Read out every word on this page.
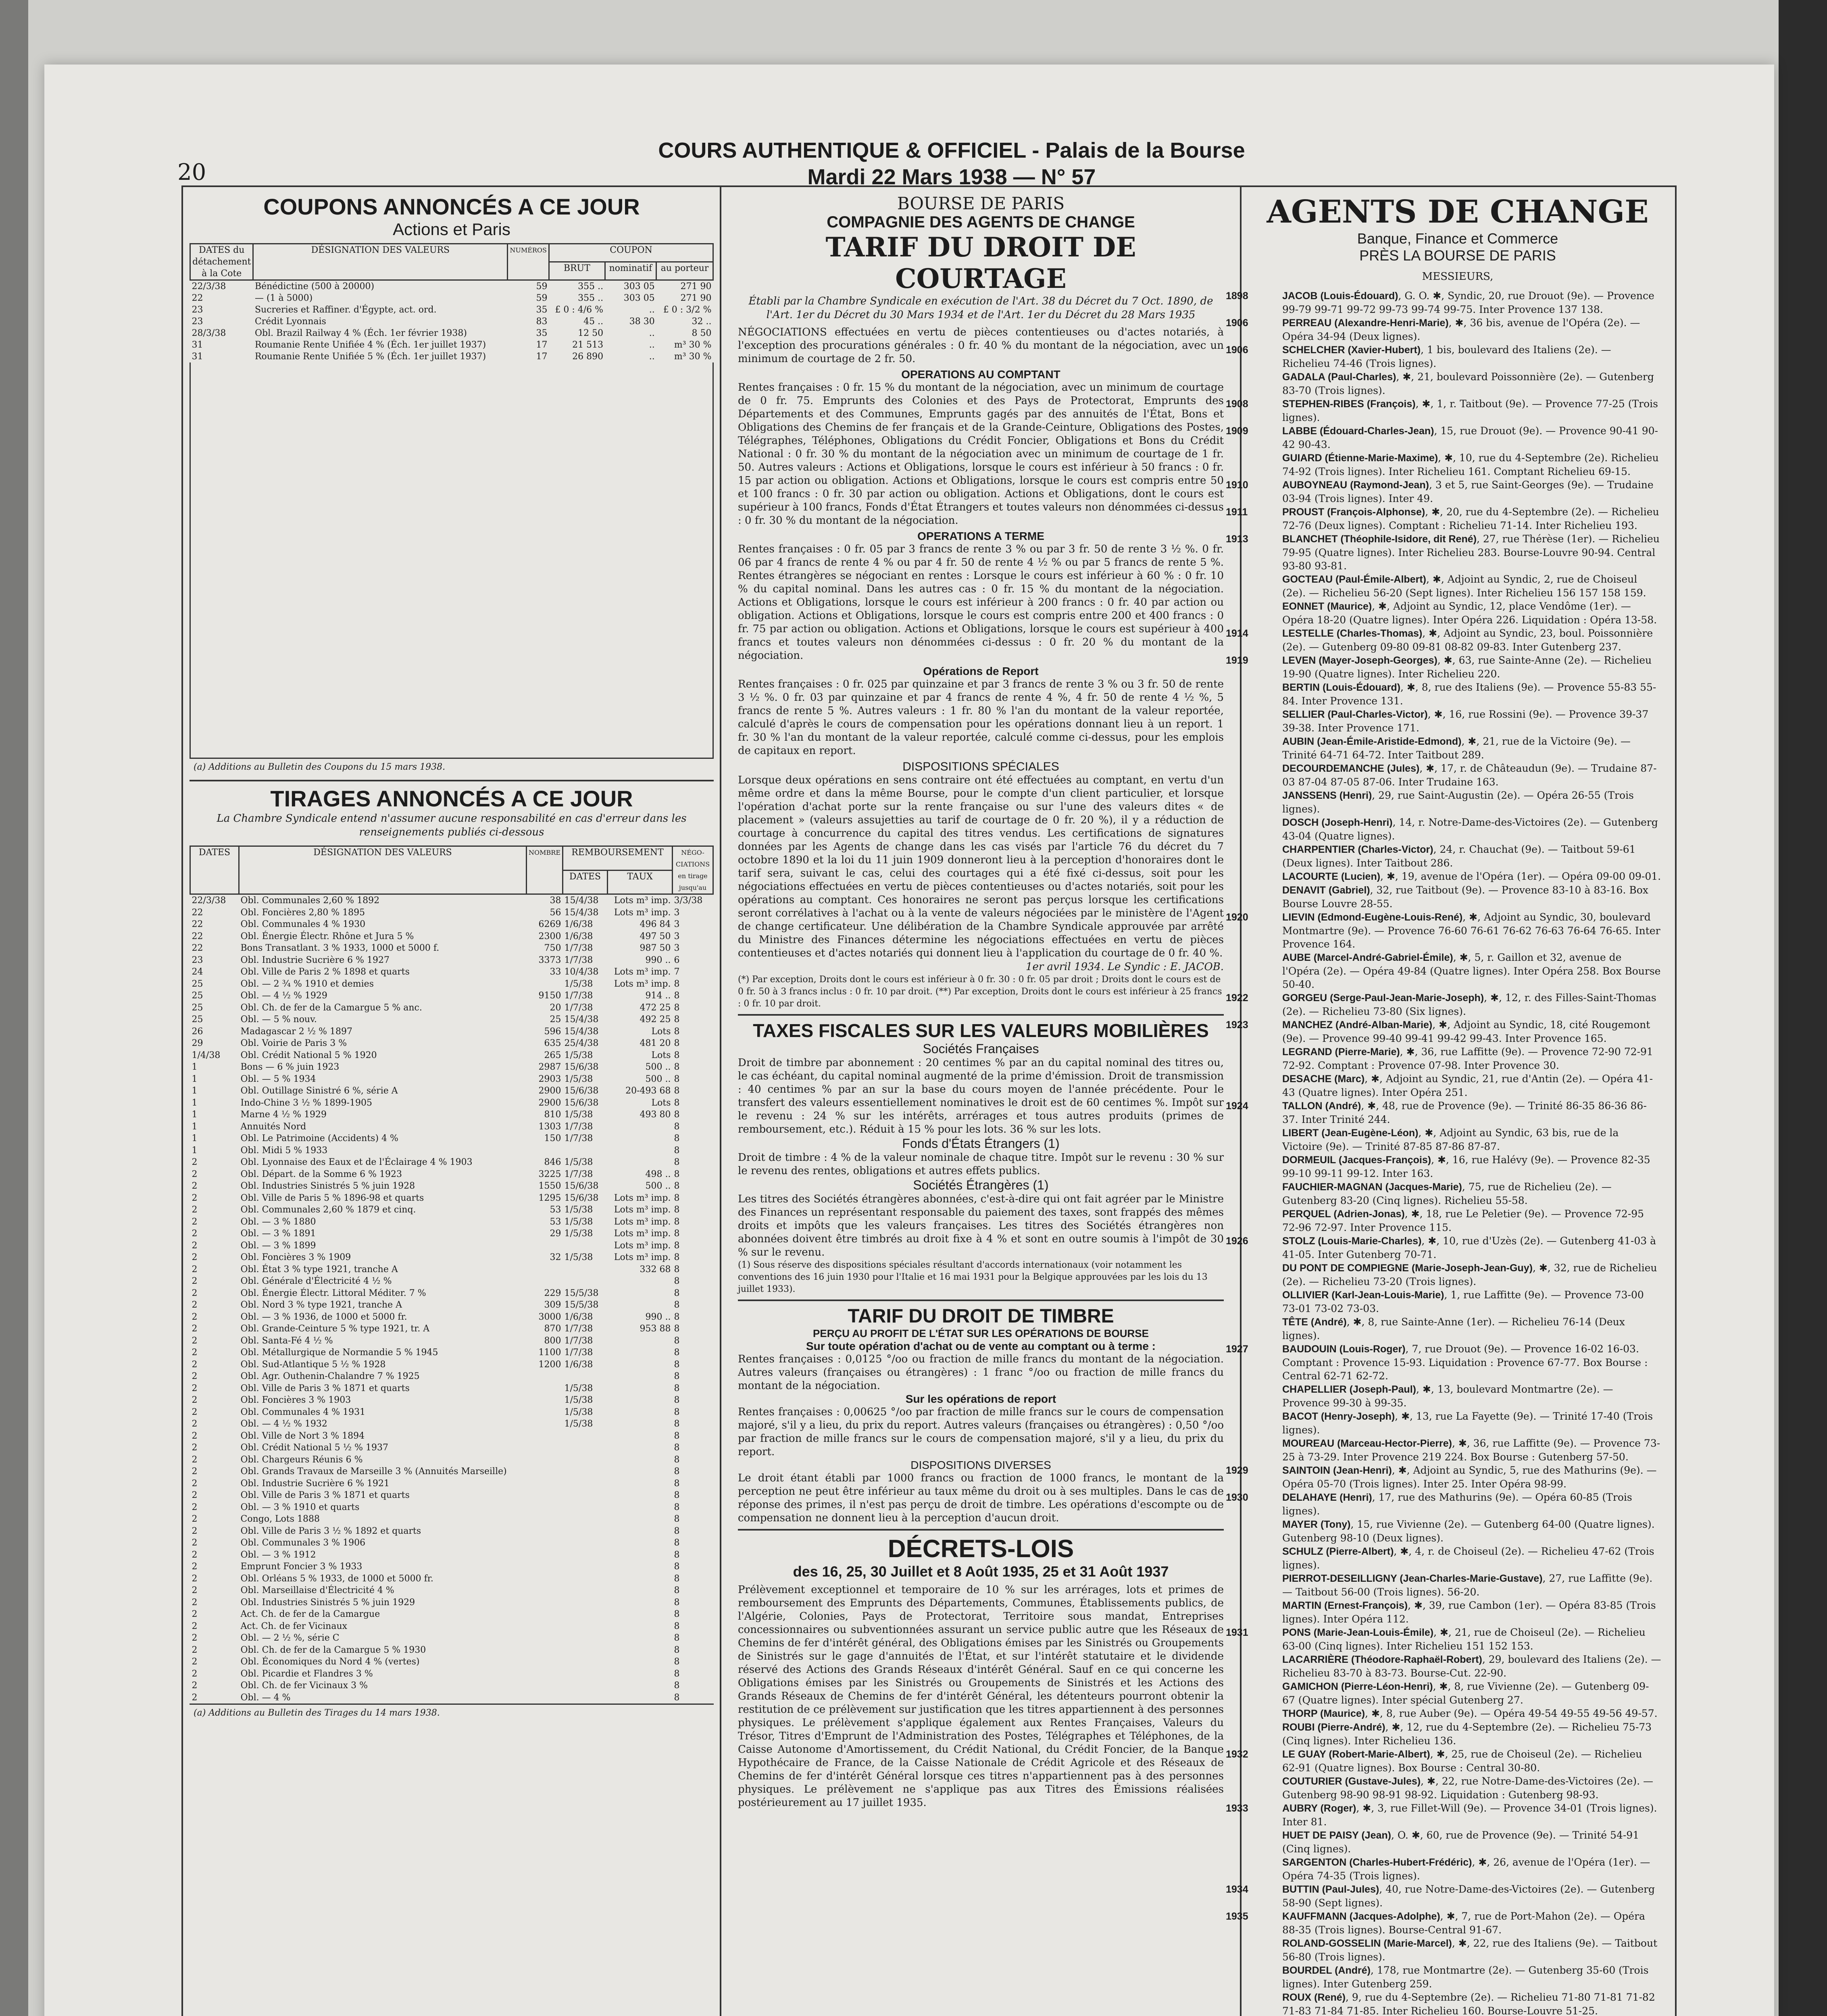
20
COURS AUTHENTIQUE & OFFICIEL - Palais de la Bourse
Mardi 22 Mars 1938 — N° 57
COUPONS ANNONCÉS A CE JOUR
Actions et Paris
DATES du détachement à la Cote	DÉSIGNATION DES VALEURS	NUMÉROS	COUPON		
			BRUT	nominatif	au porteur
22/3/38	Bénédictine (500 à 20000)	59	355 ..	303 05	271 90
22	— (1 à 5000)	59	355 ..	303 05	271 90
23	Sucreries et Raffiner. d'Égypte, act. ord.	35	£ 0 : 4/6 %	..	£ 0 : 3/2 %
23	Crédit Lyonnais	83	45 ..	38 30	32 ..
28/3/38	Obl. Brazil Railway 4 % (Éch. 1er février 1938)	35	12 50	..	8 50
31	Roumanie Rente Unifiée 4 % (Éch. 1er juillet 1937)	17	21 513	..	m³ 30 %
31	Roumanie Rente Unifiée 5 % (Éch. 1er juillet 1937)	17	26 890	..	m³ 30 %
(a) Additions au Bulletin des Coupons du 15 mars 1938.
TIRAGES ANNONCÉS A CE JOUR
La Chambre Syndicale entend n'assumer aucune responsabilité en cas d'erreur dans les renseignements publiés ci-dessous
DATES	DÉSIGNATION DES VALEURS	NOMBRE	REMBOURSEMENT		NÉGO-CIATIONS en tirage jusqu'au
			DATES	TAUX	
22/3/38	Obl. Communales 2,60 % 1892	38	15/4/38	Lots m³ imp.	3/3/38
22	Obl. Foncières 2,80 % 1895	56	15/4/38	Lots m³ imp.	3
22	Obl. Communales 4 % 1930	6269	1/6/38	496 84	3
22	Obl. Énergie Électr. Rhône et Jura 5 %	2300	1/6/38	497 50	3
22	Bons Transatlant. 3 % 1933, 1000 et 5000 f.	750	1/7/38	987 50	3
23	Obl. Industrie Sucrière 6 % 1927	3373	1/7/38	990 ..	6
24	Obl. Ville de Paris 2 % 1898 et quarts	33	10/4/38	Lots m³ imp.	7
25	Obl. — 2 ¾ % 1910 et demies		1/5/38	Lots m³ imp.	8
25	Obl. — 4 ½ % 1929	9150	1/7/38	914 ..	8
25	Obl. Ch. de fer de la Camargue 5 % anc.	20	1/7/38	472 25	8
25	Obl. — 5 % nouv.	25	15/4/38	492 25	8
26	Madagascar 2 ½ % 1897	596	15/4/38	Lots	8
29	Obl. Voirie de Paris 3 %	635	25/4/38	481 20	8
1/4/38	Obl. Crédit National 5 % 1920	265	1/5/38	Lots	8
1	Bons — 6 % juin 1923	2987	15/6/38	500 ..	8
1	Obl. — 5 % 1934	2903	1/5/38	500 ..	8
1	Obl. Outillage Sinistré 6 %, série A	2900	15/6/38	20-493 68	8
1	Indo-Chine 3 ½ % 1899-1905	2900	15/6/38	Lots	8
1	Marne 4 ½ % 1929	810	1/5/38	493 80	8
1	Annuités Nord	1303	1/7/38		8
1	Obl. Le Patrimoine (Accidents) 4 %	150	1/7/38		8
1	Obl. Midi 5 % 1933				8
2	Obl. Lyonnaise des Eaux et de l'Éclairage 4 % 1903	846	1/5/38		8
2	Obl. Départ. de la Somme 6 % 1923	3225	1/7/38	498 ..	8
2	Obl. Industries Sinistrés 5 % juin 1928	1550	15/6/38	500 ..	8
2	Obl. Ville de Paris 5 % 1896-98 et quarts	1295	15/6/38	Lots m³ imp.	8
2	Obl. Communales 2,60 % 1879 et cinq.	53	1/5/38	Lots m³ imp.	8
2	Obl. — 3 % 1880	53	1/5/38	Lots m³ imp.	8
2	Obl. — 3 % 1891	29	1/5/38	Lots m³ imp.	8
2	Obl. — 3 % 1899			Lots m³ imp.	8
2	Obl. Foncières 3 % 1909	32	1/5/38	Lots m³ imp.	8
2	Obl. État 3 % type 1921, tranche A			332 68	8
2	Obl. Générale d'Électricité 4 ½ %				8
2	Obl. Énergie Électr. Littoral Méditer. 7 %	229	15/5/38		8
2	Obl. Nord 3 % type 1921, tranche A	309	15/5/38		8
2	Obl. — 3 % 1936, de 1000 et 5000 fr.	3000	1/6/38	990 ..	8
2	Obl. Grande-Ceinture 5 % type 1921, tr. A	870	1/7/38	953 88	8
2	Obl. Santa-Fé 4 ½ %	800	1/7/38		8
2	Obl. Métallurgique de Normandie 5 % 1945	1100	1/7/38		8
2	Obl. Sud-Atlantique 5 ½ % 1928	1200	1/6/38		8
2	Obl. Agr. Outhenin-Chalandre 7 % 1925				8
2	Obl. Ville de Paris 3 % 1871 et quarts		1/5/38		8
2	Obl. Foncières 3 % 1903		1/5/38		8
2	Obl. Communales 4 % 1931		1/5/38		8
2	Obl. — 4 ½ % 1932		1/5/38		8
2	Obl. Ville de Nort 3 % 1894				8
2	Obl. Crédit National 5 ½ % 1937				8
2	Obl. Chargeurs Réunis 6 %				8
2	Obl. Grands Travaux de Marseille 3 % (Annuités Marseille)				8
2	Obl. Industrie Sucrière 6 % 1921				8
2	Obl. Ville de Paris 3 % 1871 et quarts				8
2	Obl. — 3 % 1910 et quarts				8
2	Congo, Lots 1888				8
2	Obl. Ville de Paris 3 ½ % 1892 et quarts				8
2	Obl. Communales 3 % 1906				8
2	Obl. — 3 % 1912				8
2	Emprunt Foncier 3 % 1933				8
2	Obl. Orléans 5 % 1933, de 1000 et 5000 fr.				8
2	Obl. Marseillaise d'Électricité 4 %				8
2	Obl. Industries Sinistrés 5 % juin 1929				8
2	Act. Ch. de fer de la Camargue				8
2	Act. Ch. de fer Vicinaux				8
2	Obl. — 2 ½ %, série C				8
2	Obl. Ch. de fer de la Camargue 5 % 1930				8
2	Obl. Économiques du Nord 4 % (vertes)				8
2	Obl. Picardie et Flandres 3 %				8
2	Obl. Ch. de fer Vicinaux 3 %				8
2	Obl. — 4 %				8
(a) Additions au Bulletin des Tirages du 14 mars 1938.
BOURSE DE PARIS
COMPAGNIE DES AGENTS DE CHANGE
TARIF DU DROIT DE COURTAGE
Établi par la Chambre Syndicale en exécution de l'Art. 38 du Décret du 7 Oct. 1890, de l'Art. 1er du Décret du 30 Mars 1934 et de l'Art. 1er du Décret du 28 Mars 1935
NÉGOCIATIONS effectuées en vertu de pièces contentieuses ou d'actes notariés, à l'exception des procurations générales : 0 fr. 40 % du montant de la négociation, avec un minimum de courtage de 2 fr. 50.
OPERATIONS AU COMPTANT
Rentes françaises : 0 fr. 15 % du montant de la négociation, avec un minimum de courtage de 0 fr. 75. Emprunts des Colonies et des Pays de Protectorat, Emprunts des Départements et des Communes, Emprunts gagés par des annuités de l'État, Bons et Obligations des Chemins de fer français et de la Grande-Ceinture, Obligations des Postes, Télégraphes, Téléphones, Obligations du Crédit Foncier, Obligations et Bons du Crédit National : 0 fr. 30 % du montant de la négociation avec un minimum de courtage de 1 fr. 50. Autres valeurs : Actions et Obligations, lorsque le cours est inférieur à 50 francs : 0 fr. 15 par action ou obligation. Actions et Obligations, lorsque le cours est compris entre 50 et 100 francs : 0 fr. 30 par action ou obligation. Actions et Obligations, dont le cours est supérieur à 100 francs, Fonds d'État Étrangers et toutes valeurs non dénommées ci-dessus : 0 fr. 30 % du montant de la négociation.
OPERATIONS A TERME
Rentes françaises : 0 fr. 05 par 3 francs de rente 3 % ou par 3 fr. 50 de rente 3 ½ %. 0 fr. 06 par 4 francs de rente 4 % ou par 4 fr. 50 de rente 4 ½ % ou par 5 francs de rente 5 %. Rentes étrangères se négociant en rentes : Lorsque le cours est inférieur à 60 % : 0 fr. 10 % du capital nominal. Dans les autres cas : 0 fr. 15 % du montant de la négociation. Actions et Obligations, lorsque le cours est inférieur à 200 francs : 0 fr. 40 par action ou obligation. Actions et Obligations, lorsque le cours est compris entre 200 et 400 francs : 0 fr. 75 par action ou obligation. Actions et Obligations, lorsque le cours est supérieur à 400 francs et toutes valeurs non dénommées ci-dessus : 0 fr. 20 % du montant de la négociation.
Opérations de Report
Rentes françaises : 0 fr. 025 par quinzaine et par 3 francs de rente 3 % ou 3 fr. 50 de rente 3 ½ %. 0 fr. 03 par quinzaine et par 4 francs de rente 4 %, 4 fr. 50 de rente 4 ½ %, 5 francs de rente 5 %. Autres valeurs : 1 fr. 80 % l'an du montant de la valeur reportée, calculé d'après le cours de compensation pour les opérations donnant lieu à un report. 1 fr. 30 % l'an du montant de la valeur reportée, calculé comme ci-dessus, pour les emplois de capitaux en report.
DISPOSITIONS SPÉCIALES
Lorsque deux opérations en sens contraire ont été effectuées au comptant, en vertu d'un même ordre et dans la même Bourse, pour le compte d'un client particulier, et lorsque l'opération d'achat porte sur la rente française ou sur l'une des valeurs dites « de placement » (valeurs assujetties au tarif de courtage de 0 fr. 20 %), il y a réduction de courtage à concurrence du capital des titres vendus. Les certifications de signatures données par les Agents de change dans les cas visés par l'article 76 du décret du 7 octobre 1890 et la loi du 11 juin 1909 donneront lieu à la perception d'honoraires dont le tarif sera, suivant le cas, celui des courtages qui a été fixé ci-dessus, soit pour les négociations effectuées en vertu de pièces contentieuses ou d'actes notariés, soit pour les opérations au comptant. Ces honoraires ne seront pas perçus lorsque les certifications seront corrélatives à l'achat ou à la vente de valeurs négociées par le ministère de l'Agent de change certificateur. Une délibération de la Chambre Syndicale approuvée par arrêté du Ministre des Finances détermine les négociations effectuées en vertu de pièces contentieuses et d'actes notariés qui donnent lieu à l'application du courtage de 0 fr. 40 %.
1er avril 1934. Le Syndic : E. JACOB.
(*) Par exception, Droits dont le cours est inférieur à 0 fr. 30 : 0 fr. 05 par droit ; Droits dont le cours est de 0 fr. 50 à 3 francs inclus : 0 fr. 10 par droit. (**) Par exception, Droits dont le cours est inférieur à 25 francs : 0 fr. 10 par droit.
TAXES FISCALES SUR LES VALEURS MOBILIÈRES
Sociétés Françaises
Droit de timbre par abonnement : 20 centimes % par an du capital nominal des titres ou, le cas échéant, du capital nominal augmenté de la prime d'émission. Droit de transmission : 40 centimes % par an sur la base du cours moyen de l'année précédente. Pour le transfert des valeurs essentiellement nominatives le droit est de 60 centimes %. Impôt sur le revenu : 24 % sur les intérêts, arrérages et tous autres produits (primes de remboursement, etc.). Réduit à 15 % pour les lots. 36 % sur les lots.
Fonds d'États Étrangers (1)
Droit de timbre : 4 % de la valeur nominale de chaque titre. Impôt sur le revenu : 30 % sur le revenu des rentes, obligations et autres effets publics.
Sociétés Étrangères (1)
Les titres des Sociétés étrangères abonnées, c'est-à-dire qui ont fait agréer par le Ministre des Finances un représentant responsable du paiement des taxes, sont frappés des mêmes droits et impôts que les valeurs françaises. Les titres des Sociétés étrangères non abonnées doivent être timbrés au droit fixe à 4 % et sont en outre soumis à l'impôt de 30 % sur le revenu.
(1) Sous réserve des dispositions spéciales résultant d'accords internationaux (voir notamment les conventions des 16 juin 1930 pour l'Italie et 16 mai 1931 pour la Belgique approuvées par les lois du 13 juillet 1933).
TARIF DU DROIT DE TIMBRE
PERÇU AU PROFIT DE L'ÉTAT SUR LES OPÉRATIONS DE BOURSE
Sur toute opération d'achat ou de vente au comptant ou à terme :
Rentes françaises : 0,0125 °/oo ou fraction de mille francs du montant de la négociation. Autres valeurs (françaises ou étrangères) : 1 franc °/oo ou fraction de mille francs du montant de la négociation.
Sur les opérations de report
Rentes françaises : 0,00625 °/oo par fraction de mille francs sur le cours de compensation majoré, s'il y a lieu, du prix du report. Autres valeurs (françaises ou étrangères) : 0,50 °/oo par fraction de mille francs sur le cours de compensation majoré, s'il y a lieu, du prix du report.
DISPOSITIONS DIVERSES
Le droit étant établi par 1000 francs ou fraction de 1000 francs, le montant de la perception ne peut être inférieur au taux même du droit ou à ses multiples. Dans le cas de réponse des primes, il n'est pas perçu de droit de timbre. Les opérations d'escompte ou de compensation ne donnent lieu à la perception d'aucun droit.
DÉCRETS-LOIS
des 16, 25, 30 Juillet et 8 Août 1935, 25 et 31 Août 1937
Prélèvement exceptionnel et temporaire de 10 % sur les arrérages, lots et primes de remboursement des Emprunts des Départements, Communes, Établissements publics, de l'Algérie, Colonies, Pays de Protectorat, Territoire sous mandat, Entreprises concessionnaires ou subventionnées assurant un service public autre que les Réseaux de Chemins de fer d'intérêt général, des Obligations émises par les Sinistrés ou Groupements de Sinistrés sur le gage d'annuités de l'État, et sur l'intérêt statutaire et le dividende réservé des Actions des Grands Réseaux d'intérêt Général. Sauf en ce qui concerne les Obligations émises par les Sinistrés ou Groupements de Sinistrés et les Actions des Grands Réseaux de Chemins de fer d'intérêt Général, les détenteurs pourront obtenir la restitution de ce prélèvement sur justification que les titres appartiennent à des personnes physiques. Le prélèvement s'applique également aux Rentes Françaises, Valeurs du Trésor, Titres d'Emprunt de l'Administration des Postes, Télégraphes et Téléphones, de la Caisse Autonome d'Amortissement, du Crédit National, du Crédit Foncier, de la Banque Hypothécaire de France, de la Caisse Nationale de Crédit Agricole et des Réseaux de Chemins de fer d'intérêt Général lorsque ces titres n'appartiennent pas à des personnes physiques. Le prélèvement ne s'applique pas aux Titres des Émissions réalisées postérieurement au 17 juillet 1935.
AGENTS DE CHANGE
Banque, Finance et Commerce
PRÈS LA BOURSE DE PARIS
MESSIEURS,
1898	JACOB (Louis-Édouard), G. O. ✱, Syndic, 20, rue Drouot (9e). — Provence 99-79 99-71 99-72 99-73 99-74 99-75. Inter Provence 137 138.
1906	PERREAU (Alexandre-Henri-Marie), ✱, 36 bis, avenue de l'Opéra (2e). — Opéra 34-94 (Deux lignes).
1906	SCHELCHER (Xavier-Hubert), 1 bis, boulevard des Italiens (2e). — Richelieu 74-46 (Trois lignes).
GADALA (Paul-Charles), ✱, 21, boulevard Poissonnière (2e). — Gutenberg 83-70 (Trois lignes).
1908	STEPHEN-RIBES (François), ✱, 1, r. Taitbout (9e). — Provence 77-25 (Trois lignes).
1909	LABBE (Édouard-Charles-Jean), 15, rue Drouot (9e). — Provence 90-41 90-42 90-43.
GUIARD (Étienne-Marie-Maxime), ✱, 10, rue du 4-Septembre (2e). Richelieu 74-92 (Trois lignes). Inter Richelieu 161. Comptant Richelieu 69-15.
1910	AUBOYNEAU (Raymond-Jean), 3 et 5, rue Saint-Georges (9e). — Trudaine 03-94 (Trois lignes). Inter 49.
1911	PROUST (François-Alphonse), ✱, 20, rue du 4-Septembre (2e). — Richelieu 72-76 (Deux lignes). Comptant : Richelieu 71-14. Inter Richelieu 193.
1913	BLANCHET (Théophile-Isidore, dit René), 27, rue Thérèse (1er). — Richelieu 79-95 (Quatre lignes). Inter Richelieu 283. Bourse-Louvre 90-94. Central 93-80 93-81.
GOCTEAU (Paul-Émile-Albert), ✱, Adjoint au Syndic, 2, rue de Choiseul (2e). — Richelieu 56-20 (Sept lignes). Inter Richelieu 156 157 158 159.
EONNET (Maurice), ✱, Adjoint au Syndic, 12, place Vendôme (1er). — Opéra 18-20 (Quatre lignes). Inter Opéra 226. Liquidation : Opéra 13-58.
1914	LESTELLE (Charles-Thomas), ✱, Adjoint au Syndic, 23, boul. Poissonnière (2e). — Gutenberg 09-80 09-81 08-82 09-83. Inter Gutenberg 237.
1919	LEVEN (Mayer-Joseph-Georges), ✱, 63, rue Sainte-Anne (2e). — Richelieu 19-90 (Quatre lignes). Inter Richelieu 220.
BERTIN (Louis-Édouard), ✱, 8, rue des Italiens (9e). — Provence 55-83 55-84. Inter Provence 131.
SELLIER (Paul-Charles-Victor), ✱, 16, rue Rossini (9e). — Provence 39-37 39-38. Inter Provence 171.
AUBIN (Jean-Émile-Aristide-Edmond), ✱, 21, rue de la Victoire (9e). — Trinité 64-71 64-72. Inter Taitbout 289.
DECOURDEMANCHE (Jules), ✱, 17, r. de Châteaudun (9e). — Trudaine 87-03 87-04 87-05 87-06. Inter Trudaine 163.
JANSSENS (Henri), 29, rue Saint-Augustin (2e). — Opéra 26-55 (Trois lignes).
DOSCH (Joseph-Henri), 14, r. Notre-Dame-des-Victoires (2e). — Gutenberg 43-04 (Quatre lignes).
CHARPENTIER (Charles-Victor), 24, r. Chauchat (9e). — Taitbout 59-61 (Deux lignes). Inter Taitbout 286.
LACOURTE (Lucien), ✱, 19, avenue de l'Opéra (1er). — Opéra 09-00 09-01.
DENAVIT (Gabriel), 32, rue Taitbout (9e). — Provence 83-10 à 83-16. Box Bourse Louvre 28-55.
1920	LIEVIN (Edmond-Eugène-Louis-René), ✱, Adjoint au Syndic, 30, boulevard Montmartre (9e). — Provence 76-60 76-61 76-62 76-63 76-64 76-65. Inter Provence 164.
AUBE (Marcel-André-Gabriel-Émile), ✱, 5, r. Gaillon et 32, avenue de l'Opéra (2e). — Opéra 49-84 (Quatre lignes). Inter Opéra 258. Box Bourse 50-40.
1922	GORGEU (Serge-Paul-Jean-Marie-Joseph), ✱, 12, r. des Filles-Saint-Thomas (2e). — Richelieu 73-80 (Six lignes).
1923	MANCHEZ (André-Alban-Marie), ✱, Adjoint au Syndic, 18, cité Rougemont (9e). — Provence 99-40 99-41 99-42 99-43. Inter Provence 165.
LEGRAND (Pierre-Marie), ✱, 36, rue Laffitte (9e). — Provence 72-90 72-91 72-92. Comptant : Provence 07-98. Inter Provence 30.
DESACHE (Marc), ✱, Adjoint au Syndic, 21, rue d'Antin (2e). — Opéra 41-43 (Quatre lignes). Inter Opéra 251.
1924	TALLON (André), ✱, 48, rue de Provence (9e). — Trinité 86-35 86-36 86-37. Inter Trinité 244.
LIBERT (Jean-Eugène-Léon), ✱, Adjoint au Syndic, 63 bis, rue de la Victoire (9e). — Trinité 87-85 87-86 87-87.
DORMEUIL (Jacques-François), ✱, 16, rue Halévy (9e). — Provence 82-35 99-10 99-11 99-12. Inter 163.
FAUCHIER-MAGNAN (Jacques-Marie), 75, rue de Richelieu (2e). — Gutenberg 83-20 (Cinq lignes). Richelieu 55-58.
PERQUEL (Adrien-Jonas), ✱, 18, rue Le Peletier (9e). — Provence 72-95 72-96 72-97. Inter Provence 115.
1926	STOLZ (Louis-Marie-Charles), ✱, 10, rue d'Uzès (2e). — Gutenberg 41-03 à 41-05. Inter Gutenberg 70-71.
DU PONT DE COMPIEGNE (Marie-Joseph-Jean-Guy), ✱, 32, rue de Richelieu (2e). — Richelieu 73-20 (Trois lignes).
OLLIVIER (Karl-Jean-Louis-Marie), 1, rue Laffitte (9e). — Provence 73-00 73-01 73-02 73-03.
TÊTE (André), ✱, 8, rue Sainte-Anne (1er). — Richelieu 76-14 (Deux lignes).
1927	BAUDOUIN (Louis-Roger), 7, rue Drouot (9e). — Provence 16-02 16-03. Comptant : Provence 15-93. Liquidation : Provence 67-77. Box Bourse : Central 62-71 62-72.
CHAPELLIER (Joseph-Paul), ✱, 13, boulevard Montmartre (2e). — Provence 99-30 à 99-35.
BACOT (Henry-Joseph), ✱, 13, rue La Fayette (9e). — Trinité 17-40 (Trois lignes).
MOUREAU (Marceau-Hector-Pierre), ✱, 36, rue Laffitte (9e). — Provence 73-25 à 73-29. Inter Provence 219 224. Box Bourse : Gutenberg 57-50.
1929	SAINTOIN (Jean-Henri), ✱, Adjoint au Syndic, 5, rue des Mathurins (9e). — Opéra 05-70 (Trois lignes). Inter 25. Inter Opéra 98-99.
1930	DELAHAYE (Henri), 17, rue des Mathurins (9e). — Opéra 60-85 (Trois lignes).
MAYER (Tony), 15, rue Vivienne (2e). — Gutenberg 64-00 (Quatre lignes). Gutenberg 98-10 (Deux lignes).
SCHULZ (Pierre-Albert), ✱, 4, r. de Choiseul (2e). — Richelieu 47-62 (Trois lignes).
PIERROT-DESEILLIGNY (Jean-Charles-Marie-Gustave), 27, rue Laffitte (9e). — Taitbout 56-00 (Trois lignes). 56-20.
MARTIN (Ernest-François), ✱, 39, rue Cambon (1er). — Opéra 83-85 (Trois lignes). Inter Opéra 112.
1931	PONS (Marie-Jean-Louis-Émile), ✱, 21, rue de Choiseul (2e). — Richelieu 63-00 (Cinq lignes). Inter Richelieu 151 152 153.
LACARRIÈRE (Théodore-Raphaël-Robert), 29, boulevard des Italiens (2e). — Richelieu 83-70 à 83-73. Bourse-Cut. 22-90.
GAMICHON (Pierre-Léon-Henri), ✱, 8, rue Vivienne (2e). — Gutenberg 09-67 (Quatre lignes). Inter spécial Gutenberg 27.
THORP (Maurice), ✱, 8, rue Auber (9e). — Opéra 49-54 49-55 49-56 49-57.
ROUBI (Pierre-André), ✱, 12, rue du 4-Septembre (2e). — Richelieu 75-73 (Cinq lignes). Inter Richelieu 136.
1932	LE GUAY (Robert-Marie-Albert), ✱, 25, rue de Choiseul (2e). — Richelieu 62-91 (Quatre lignes). Box Bourse : Central 30-80.
COUTURIER (Gustave-Jules), ✱, 22, rue Notre-Dame-des-Victoires (2e). — Gutenberg 98-90 98-91 98-92. Liquidation : Gutenberg 98-93.
1933	AUBRY (Roger), ✱, 3, rue Fillet-Will (9e). — Provence 34-01 (Trois lignes). Inter 81.
HUET DE PAISY (Jean), O. ✱, 60, rue de Provence (9e). — Trinité 54-91 (Cinq lignes).
SARGENTON (Charles-Hubert-Frédéric), ✱, 26, avenue de l'Opéra (1er). — Opéra 74-35 (Trois lignes).
1934	BUTTIN (Paul-Jules), 40, rue Notre-Dame-des-Victoires (2e). — Gutenberg 58-90 (Sept lignes).
1935	KAUFFMANN (Jacques-Adolphe), ✱, 7, rue de Port-Mahon (2e). — Opéra 88-35 (Trois lignes). Bourse-Central 91-67.
ROLAND-GOSSELIN (Marie-Marcel), ✱, 22, rue des Italiens (9e). — Taitbout 56-80 (Trois lignes).
BOURDEL (André), 178, rue Montmartre (2e). — Gutenberg 35-60 (Trois lignes). Inter Gutenberg 259.
ROUX (René), 9, rue du 4-Septembre (2e). — Richelieu 71-80 71-81 71-82 71-83 71-84 71-85. Inter Richelieu 160. Bourse-Louvre 51-25.
